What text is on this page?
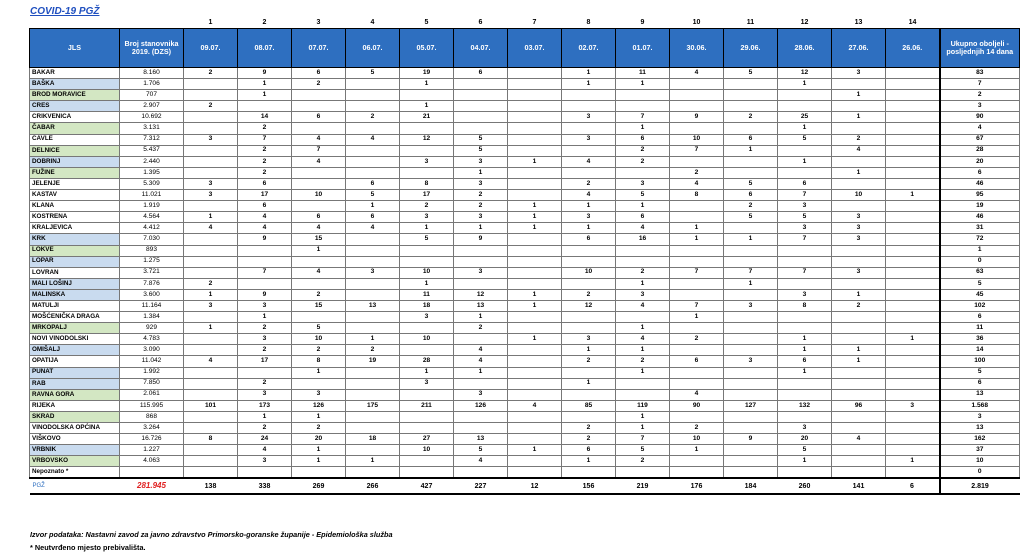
COVID-19 PGŽ
		1	2	3	4	5	6	7	8	9	10	11	12	13	14	
JLS	Broj stanovnika 2019. (DZS)	09.07.	08.07.	07.07.	06.07.	05.07.	04.07.	03.07.	02.07.	01.07.	30.06.	29.06.	28.06.	27.06.	26.06.	Ukupno oboljeli - posljednjih 14 dana
BAKAR	8.160	2	9	6	5	19	6		1	11	4	5	12	3		83
BAŠKA	1.706		1	2		1			1	1			1			7
BROD MORAVICE	707		1											1		2
CRES	2.907	2				1										3
CRIKVENICA	10.692		14	6	2	21			3	7	9	2	25	1		90
ČABAR	3.131		2							1			1			4
ČAVLE	7.312	3	7	4	4	12	5		3	6	10	6	5	2		67
DELNICE	5.437		2	7			5			2	7	1		4		28
DOBRINJ	2.440		2	4		3	3	1	4	2			1			20
FUŽINE	1.395		2				1				2			1		6
JELENJE	5.309	3	6		6	8	3		2	3	4	5	6			46
KASTAV	11.021	3	17	10	5	17	2		4	5	8	6	7	10	1	95
KLANA	1.919		6		1	2	2	1	1	1		2	3			19
KOSTRENA	4.564	1	4	6	6	3	3	1	3	6		5	5	3		46
KRALJEVICA	4.412	4	4	4	4	1	1	1	1	4	1		3	3		31
KRK	7.030		9	15		5	9		6	16	1	1	7	3		72
LOKVE	893			1												1
LOPAR	1.275															0
LOVRAN	3.721		7	4	3	10	3		10	2	7	7	7	3		63
MALI LOŠINJ	7.876	2				1				1		1				5
MALINSKA	3.600	1	9	2		11	12	1	2	3			3	1		45
MATULJI	11.164	3	3	15	13	18	13	1	12	4	7	3	8	2		102
MOŠĆENIČKA DRAGA	1.384		1			3	1				1					6
MRKOPALJ	929	1	2	5			2			1						11
NOVI VINODOLSKI	4.783		3	10	1	10		1	3	4	2		1		1	36
OMIŠALJ	3.090		2	2	2		4		1	1			1	1		14
OPATIJA	11.042	4	17	8	19	28	4		2	2	6	3	6	1		100
PUNAT	1.992			1		1	1			1			1			5
RAB	7.850		2			3			1							6
RAVNA GORA	2.061		3	3			3				4					13
RIJEKA	115.995	101	173	126	175	211	126	4	85	119	90	127	132	96	3	1.568
SKRAD	868		1	1						1						3
VINODOLSKA OPĆINA	3.264		2	2					2	1	2		3			13
VIŠKOVO	16.726	8	24	20	18	27	13		2	7	10	9	20	4		162
VRBNIK	1.227		4	1		10	5	1	6	5	1		5			37
VRBOVSKO	4.063		3	1	1		4		1	2			1		1	10
Nepoznato *																0
PGŽ	281.945	138	338	269	266	427	227	12	156	219	176	184	260	141	6	2.819
Izvor podataka: Nastavni zavod za javno zdravstvo Primorsko-goranske županije - Epidemiološka služba
* Neutvrđeno mjesto prebivališta.
